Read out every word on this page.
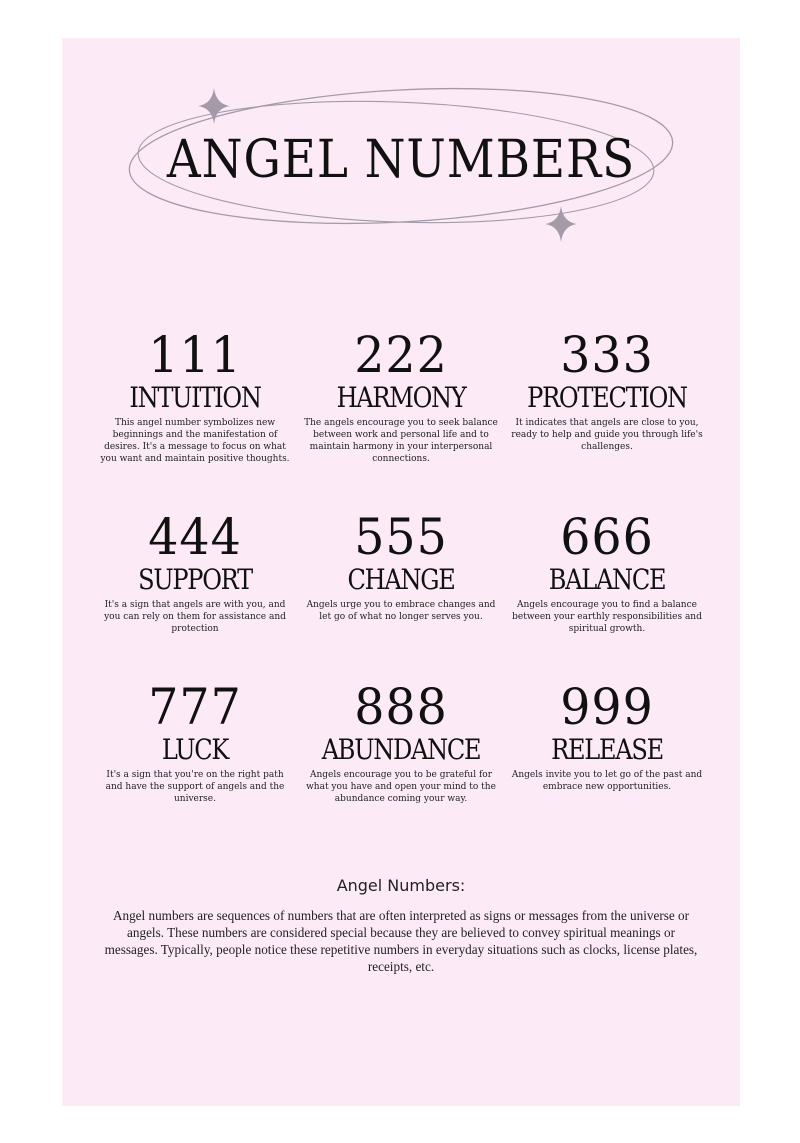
ANGEL NUMBERS
111
INTUITION
This angel number symbolizes new beginnings and the manifestation of desires. It's a message to focus on what you want and maintain positive thoughts.
222
HARMONY
The angels encourage you to seek balance between work and personal life and to maintain harmony in your interpersonal connections.
333
PROTECTION
It indicates that angels are close to you, ready to help and guide you through life's challenges.
444
SUPPORT
It's a sign that angels are with you, and you can rely on them for assistance and protection
555
CHANGE
Angels urge you to embrace changes and let go of what no longer serves you.
666
BALANCE
Angels encourage you to find a balance between your earthly responsibilities and spiritual growth.
777
LUCK
It's a sign that you're on the right path and have the support of angels and the universe.
888
ABUNDANCE
Angels encourage you to be grateful for what you have and open your mind to the abundance coming your way.
999
RELEASE
Angels invite you to let go of the past and embrace new opportunities.
Angel Numbers:
Angel numbers are sequences of numbers that are often interpreted as signs or messages from the universe or angels. These numbers are considered special because they are believed to convey spiritual meanings or messages. Typically, people notice these repetitive numbers in everyday situations such as clocks, license plates, receipts, etc.
